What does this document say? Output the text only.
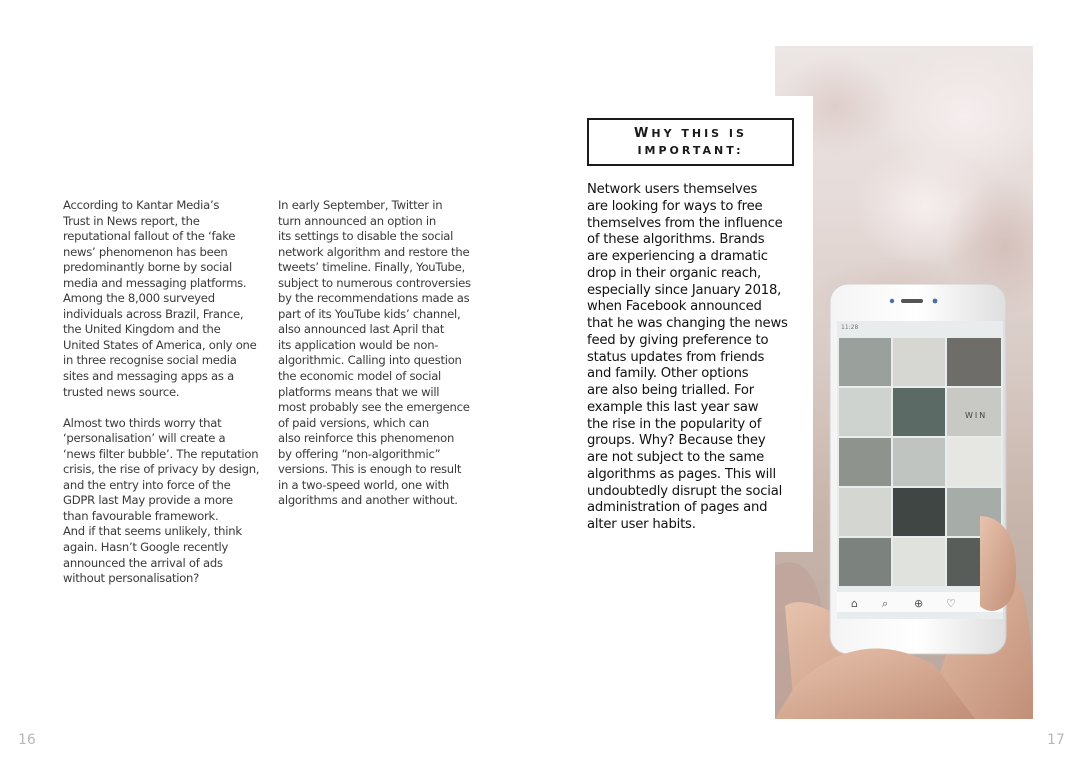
According to Kantar Media’s
Trust in News report, the
reputational fallout of the ‘fake
news’ phenomenon has been
predominantly borne by social
media and messaging platforms.
Among the 8,000 surveyed
individuals across Brazil, France,
the United Kingdom and the
United States of America, only one
in three recognise social media
sites and messaging apps as a
trusted news source.

Almost two thirds worry that
‘personalisation’ will create a
‘news filter bubble’. The reputation
crisis, the rise of privacy by design,
and the entry into force of the
GDPR last May provide a more
than favourable framework.
And if that seems unlikely, think
again. Hasn’t Google recently
announced the arrival of ads
without personalisation?

In early September, Twitter in
turn announced an option in
its settings to disable the social
network algorithm and restore the
tweets’ timeline. Finally, YouTube,
subject to numerous controversies
by the recommendations made as
part of its YouTube kids’ channel,
also announced last April that
its application would be non-
algorithmic. Calling into question
the economic model of social
platforms means that we will
most probably see the emergence
of paid versions, which can
also reinforce this phenomenon
by offering “non-algorithmic”
versions. This is enough to result
in a two-speed world, one with
algorithms and another without.

16
11:28
WIN
⌂ ⌕ ⊕ ♡
WHY THIS IS
IMPORTANT:
Network users themselves
are looking for ways to free
themselves from the influence
of these algorithms. Brands
are experiencing a dramatic
drop in their organic reach,
especially since January 2018,
when Facebook announced
that he was changing the news
feed by giving preference to
status updates from friends
and family. Other options
are also being trialled. For
example this last year saw
the rise in the popularity of
groups. Why? Because they
are not subject to the same
algorithms as pages. This will
undoubtedly disrupt the social
administration of pages and
alter user habits.
17
